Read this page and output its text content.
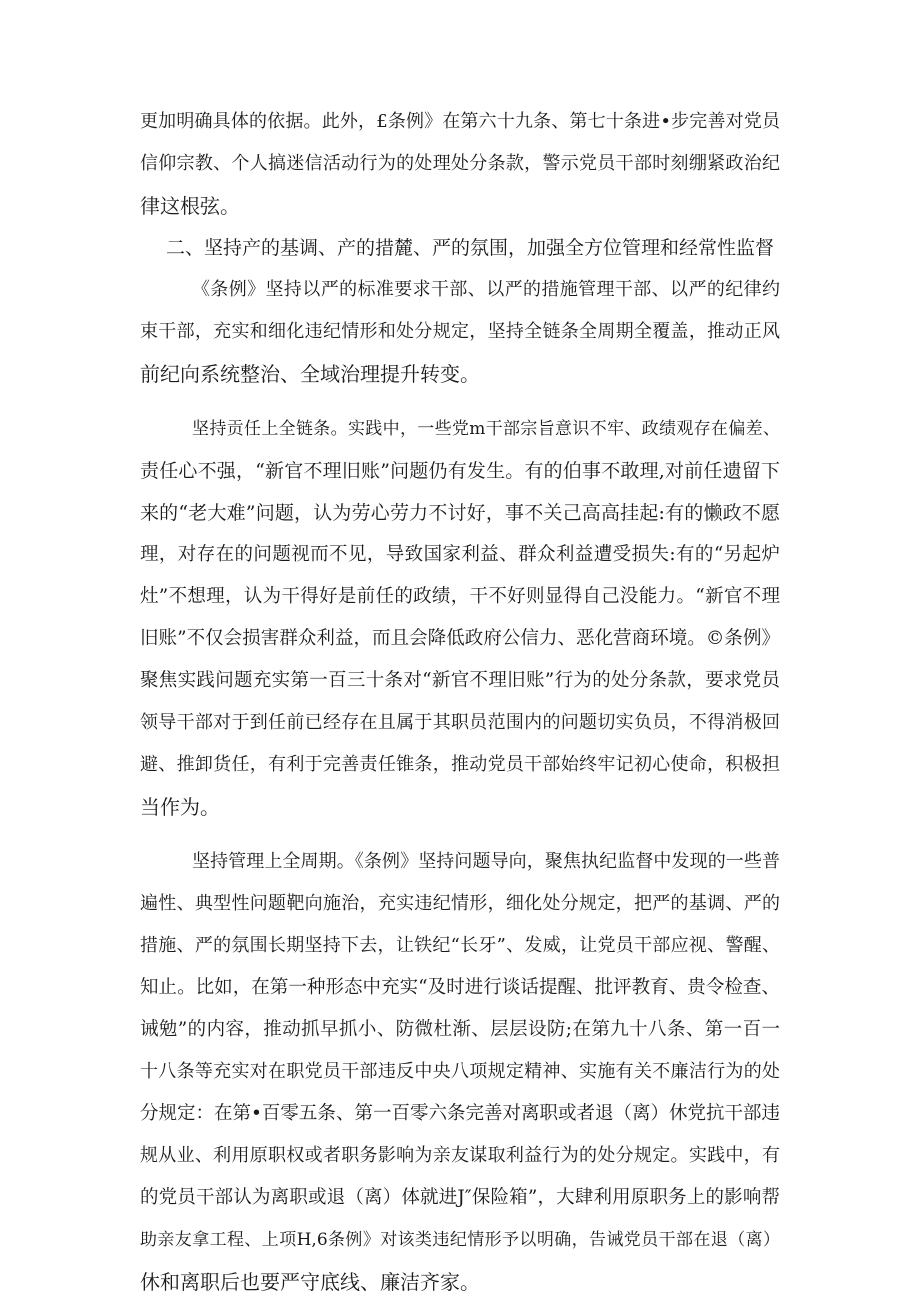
更加明确具体的依据。此外，£条例》在第六十九条、第七十条进•步完善对党员
信仰宗教、个人搞迷信活动行为的处理处分条款，警示党员干部时刻绷紧政治纪
律这根弦。
二、坚持产的基调、产的措麓、严的氛围，加强全方位管理和经常性监督
《条例》坚持以严的标准要求干部、以严的措施管理干部、以严的纪律约
束干部，充实和细化违纪情形和处分规定，坚持全链条全周期全覆盖，推动正风
前纪向系统整治、全域治理提升转变。
坚持贡任上全链条。实践中，一些党m干部宗旨意识不牢、政绩观存在偏差、
责任心不强，“新官不理旧账”问题仍有发生。有的伯事不敢理,对前任遗留下
来的“老大难”问题，认为劳心劳力不讨好，事不关己高高挂起:有的懒政不愿
理，对存在的问题视而不见，导致国家利益、群众利益遭受损失:有的“另起炉
灶”不想理，认为干得好是前任的政绩，干不好则显得自己没能力。“新官不理
旧账”不仅会损害群众利益，而且会降低政府公信力、恶化营商环境。©条例》
聚焦实践问题充实第一百三十条对“新官不理旧账”行为的处分条款，要求党员
领导干部对于到任前已经存在且属于其职员范围内的问题切实负员，不得消极回
避、推卸货任，有利于完善责任锥条，推动党员干部始终牢记初心使命，积极担
当作为。
坚持管理上全周期。《条例》坚持问题导向，聚焦执纪监督中发现的一些普
遍性、典型性问题靶向施治，充实违纪情形，细化处分规定，把严的基调、严的
措施、严的氛围长期坚持下去，让铁纪“长牙”、发威，让党员干部应视、警醒、
知止。比如，在第一种形态中充实“及时进行谈话提醒、批评教育、贵令检查、
诫勉”的内容，推动抓早抓小、防微杜渐、层层设防;在第九十八条、第一百一
十八条等充实对在职党员干部违反中央八项规定精神、实施有关不廉洁行为的处
分规定：在第•百零五条、第一百零六条完善对离职或者退（离）休党抗干部违
规从业、利用原职权或者职务影响为亲友谋取利益行为的处分规定。实践中，有
的党员干部认为离职或退（离）体就进J″保险箱”，大肆利用原职务上的影响帮
助亲友拿工程、上项H,6条例》对该类违纪情形予以明确，告诫党员干部在退（离）
休和离职后也要严守底线、廉洁齐家。
